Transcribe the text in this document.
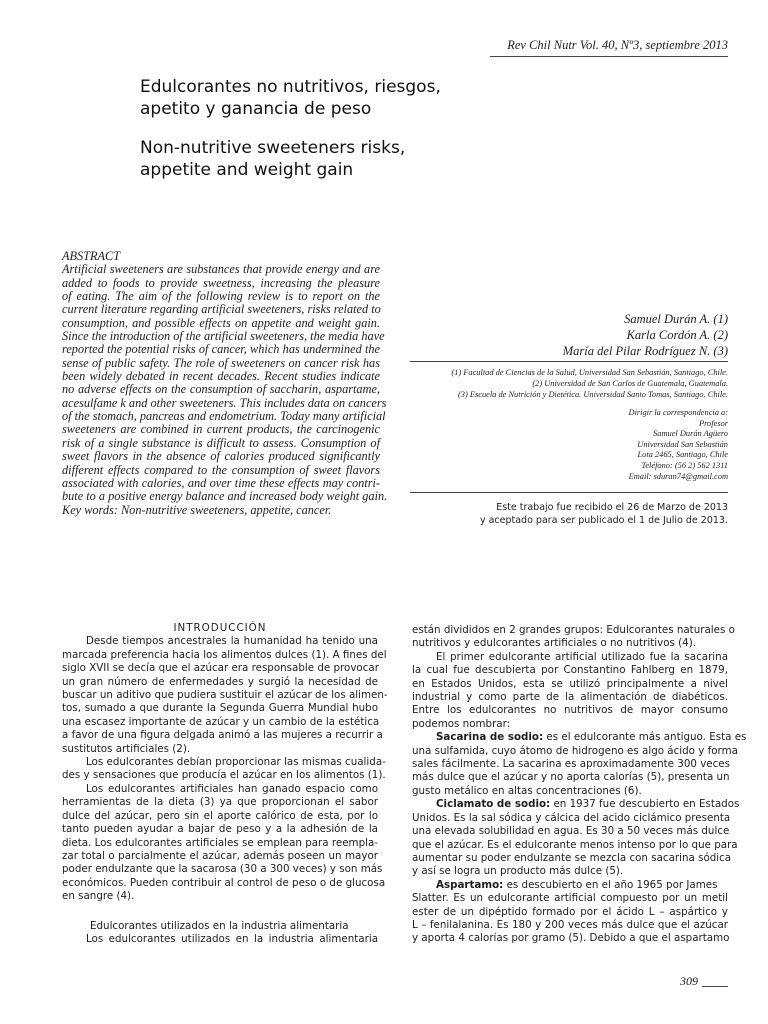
Rev Chil Nutr Vol. 40, Nº3, septiembre 2013
Edulcorantes no nutritivos, riesgos,
apetito y ganancia de peso
Non-nutritive sweeteners risks,
appetite and weight gain
ABSTRACT
Artificial sweeteners are substances that provide energy and are
added to foods to provide sweetness, increasing the pleasure
of eating. The aim of the following review is to report on the
current literature regarding artificial sweeteners, risks related to
consumption, and possible effects on appetite and weight gain.
Since the introduction of the artificial sweeteners, the media have
reported the potential risks of cancer, which has undermined the
sense of public safety. The role of sweeteners on cancer risk has
been widely debated in recent decades. Recent studies indicate
no adverse effects on the consumption of saccharin, aspartame,
acesulfame k and other sweeteners. This includes data on cancers
of the stomach, pancreas and endometrium. Today many artificial
sweeteners are combined in current products, the carcinogenic
risk of a single substance is difficult to assess. Consumption of
sweet flavors in the absence of calories produced significantly
different effects compared to the consumption of sweet flavors
associated with calories, and over time these effects may contri-
bute to a positive energy balance and increased body weight gain.
Key words: Non-nutritive sweeteners, appetite, cancer.
Samuel Durán A. (1)
Karla Cordón A. (2)
María del Pilar Rodríguez N. (3)
(1) Facultad de Ciencias de la Salud, Universidad San Sebastián, Santiago, Chile.
(2) Universidad de San Carlos de Guatemala, Guatemala.
(3) Escuela de Nutrición y Dietética. Universidad Santo Tomas, Santiago. Chile.
Dirigir la correspondencia a:
Profesor
Samuel Durán Agüero
Universidad San Sebastián
Lota 2465, Santiago, Chile
Teléfono: (56 2) 562 1311
Email: sduran74@gmail.com
Este trabajo fue recibido el 26 de Marzo de 2013
y aceptado para ser publicado el 1 de Julio de 2013.
INTRODUCCIÓN
Desde tiempos ancestrales la humanidad ha tenido una
marcada preferencia hacia los alimentos dulces (1). A fines del
siglo XVII se decía que el azúcar era responsable de provocar
un gran número de enfermedades y surgió la necesidad de
buscar un aditivo que pudiera sustituir el azúcar de los alimen-
tos, sumado a que durante la Segunda Guerra Mundial hubo
una escasez importante de azúcar y un cambio de la estética
a favor de una figura delgada animó a las mujeres a recurrir a
sustitutos artificiales (2).
Los edulcorantes debían proporcionar las mismas cualida-
des y sensaciones que producía el azúcar en los alimentos (1).
Los edulcorantes artificiales han ganado espacio como
herramientas de la dieta (3) ya que proporcionan el sabor
dulce del azúcar, pero sin el aporte calórico de esta, por lo
tanto pueden ayudar a bajar de peso y a la adhesión de la
dieta. Los edulcorantes artificiales se emplean para reempla-
zar total o parcialmente el azúcar, además poseen un mayor
poder endulzante que la sacarosa (30 a 300 veces) y son más
económicos. Pueden contribuir al control de peso o de glucosa
en sangre (4).
Edulcorantes utilizados en la industria alimentaria
Los edulcorantes utilizados en la industria alimentaria
están divididos en 2 grandes grupos: Edulcorantes naturales o
nutritivos y edulcorantes artificiales o no nutritivos (4).
El primer edulcorante artificial utilizado fue la sacarina
la cual fue descubierta por Constantino Fahlberg en 1879,
en Estados Unidos, esta se utilizó principalmente a nivel
industrial y como parte de la alimentación de diabéticos.
Entre los edulcorantes no nutritivos de mayor consumo
podemos nombrar:
Sacarina de sodio: es el edulcorante más antiguo. Esta es
una sulfamida, cuyo átomo de hidrogeno es algo ácido y forma
sales fácilmente. La sacarina es aproximadamente 300 veces
más dulce que el azúcar y no aporta calorías (5), presenta un
gusto metálico en altas concentraciones (6).
Ciclamato de sodio: en 1937 fue descubierto en Estados
Unidos. Es la sal sódica y cálcica del acido ciclámico presenta
una elevada solubilidad en agua. Es 30 a 50 veces más dulce
que el azúcar. Es el edulcorante menos intenso por lo que para
aumentar su poder endulzante se mezcla con sacarina sódica
y así se logra un producto más dulce (5).
Aspartamo: es descubierto en el año 1965 por James
Slatter. Es un edulcorante artificial compuesto por un metil
ester de un dipéptido formado por el ácido L – aspártico y
L – fenilalanina. Es 180 y 200 veces más dulce que el azúcar
y aporta 4 calorías por gramo (5). Debido a que el aspartamo
309
